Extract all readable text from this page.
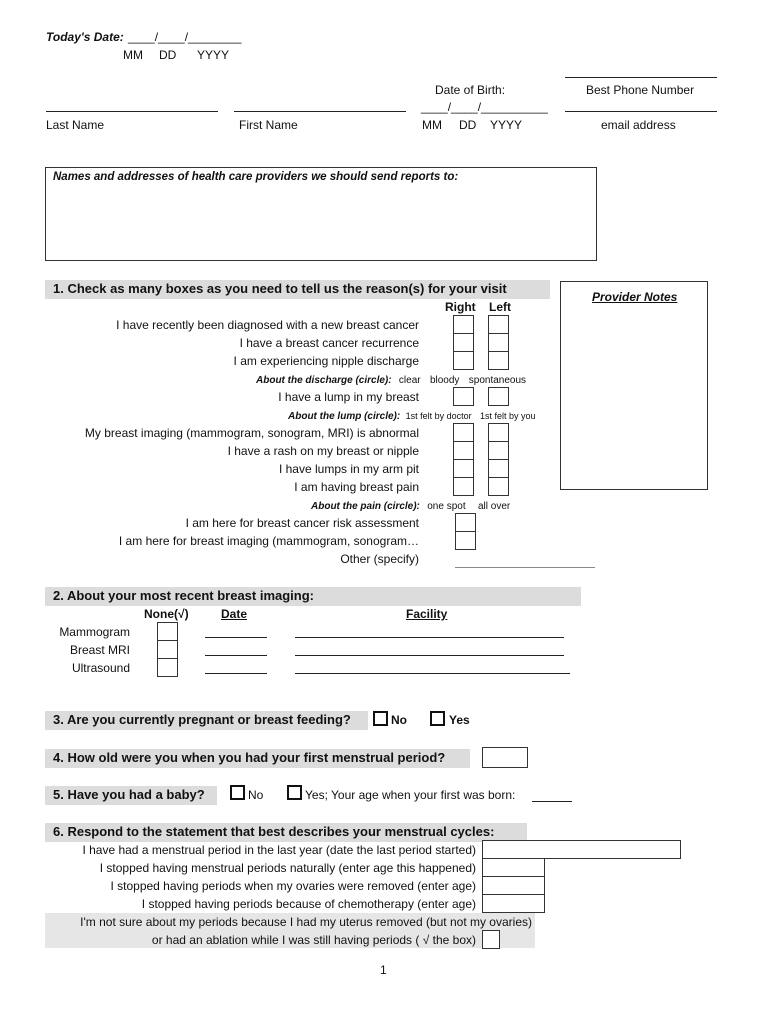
Today's Date: ____/____/________
MM DD YYYY
Date of Birth:	Best Phone Number
____/____/__________
Last Name	First Name	MM DD YYYY	email address
Names and addresses of health care providers we should send reports to:
Provider Notes
1. Check as many boxes as you need to tell us the reason(s) for your visit
Right Left
I have recently been diagnosed with a new breast cancer
I have a breast cancer recurrence
I am experiencing nipple discharge
About the discharge (circle): clear bloody spontaneous
I have a lump in my breast
About the lump (circle): 1st felt by doctor 1st felt by you
My breast imaging (mammogram, sonogram, MRI) is abnormal
I have a rash on my breast or nipple
I have lumps in my arm pit
I am having breast pain
About the pain (circle): one spot all over
I am here for breast cancer risk assessment
I am here for breast imaging (mammogram, sonogram…
Other (specify)
2. About your most recent breast imaging:
None(√)	Date	Facility
Mammogram
Breast MRI
Ultrasound
3. Are you currently pregnant or breast feeding?	No	Yes
4. How old were you when you had your first menstrual period?
5. Have you had a baby?	No	Yes; Your age when your first was born:
6. Respond to the statement that best describes your menstrual cycles:
I have had a menstrual period in the last year (date the last period started)
I stopped having menstrual periods naturally (enter age this happened)
I stopped having periods when my ovaries were removed (enter age)
I stopped having periods because of chemotherapy (enter age)
I'm not sure about my periods because I had my uterus removed (but not my ovaries)
or had an ablation while I was still having periods ( √ the box)
1
